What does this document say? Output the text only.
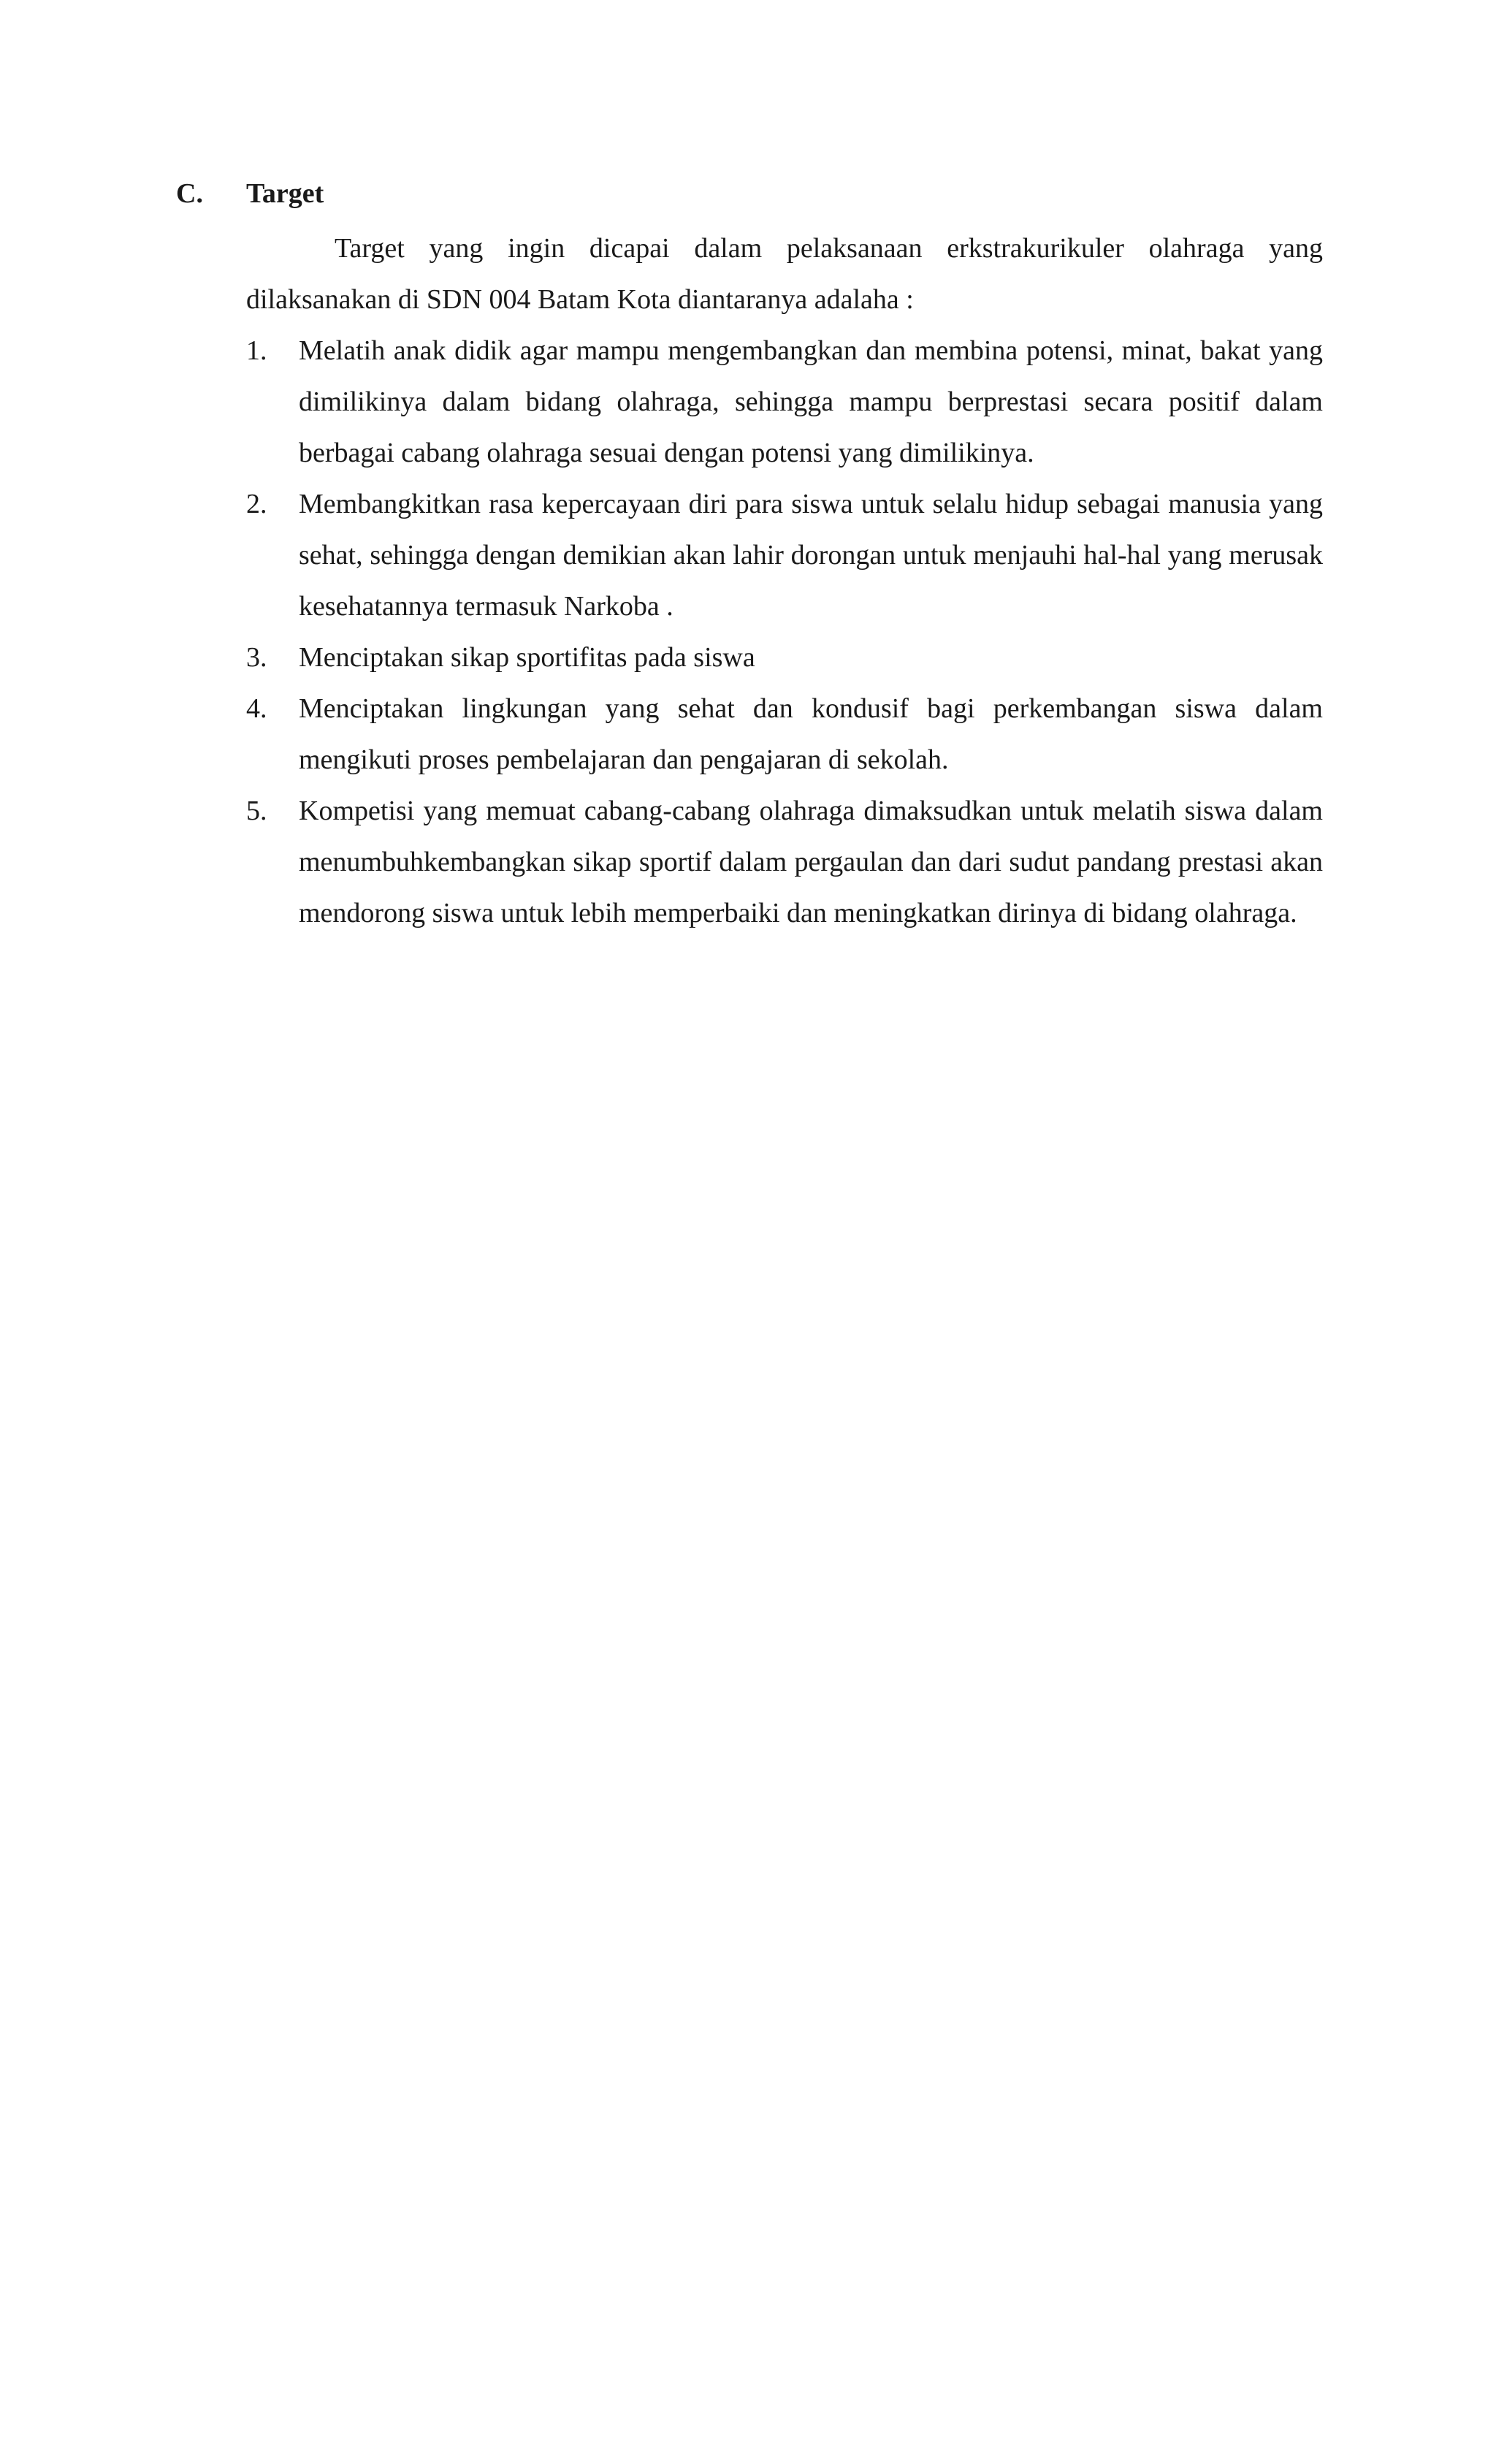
C. Target

Target yang ingin dicapai dalam pelaksanaan erkstrakurikuler olahraga yang dilaksanakan di SDN 004 Batam Kota diantaranya adalaha :

1. Melatih anak didik agar mampu mengembangkan dan membina potensi, minat, bakat yang dimilikinya dalam bidang olahraga, sehingga mampu berprestasi secara positif dalam berbagai cabang olahraga sesuai dengan potensi yang dimilikinya.
2. Membangkitkan rasa kepercayaan diri para siswa untuk selalu hidup sebagai manusia yang sehat, sehingga dengan demikian akan lahir dorongan untuk menjauhi hal-hal yang merusak kesehatannya termasuk Narkoba .
3. Menciptakan sikap sportifitas pada siswa
4. Menciptakan lingkungan yang sehat dan kondusif bagi perkembangan siswa dalam mengikuti proses pembelajaran dan pengajaran di sekolah.
5. Kompetisi yang memuat cabang-cabang olahraga dimaksudkan untuk melatih siswa dalam menumbuhkembangkan sikap sportif dalam pergaulan dan dari sudut pandang prestasi akan mendorong siswa untuk lebih memperbaiki dan meningkatkan dirinya di bidang olahraga.
